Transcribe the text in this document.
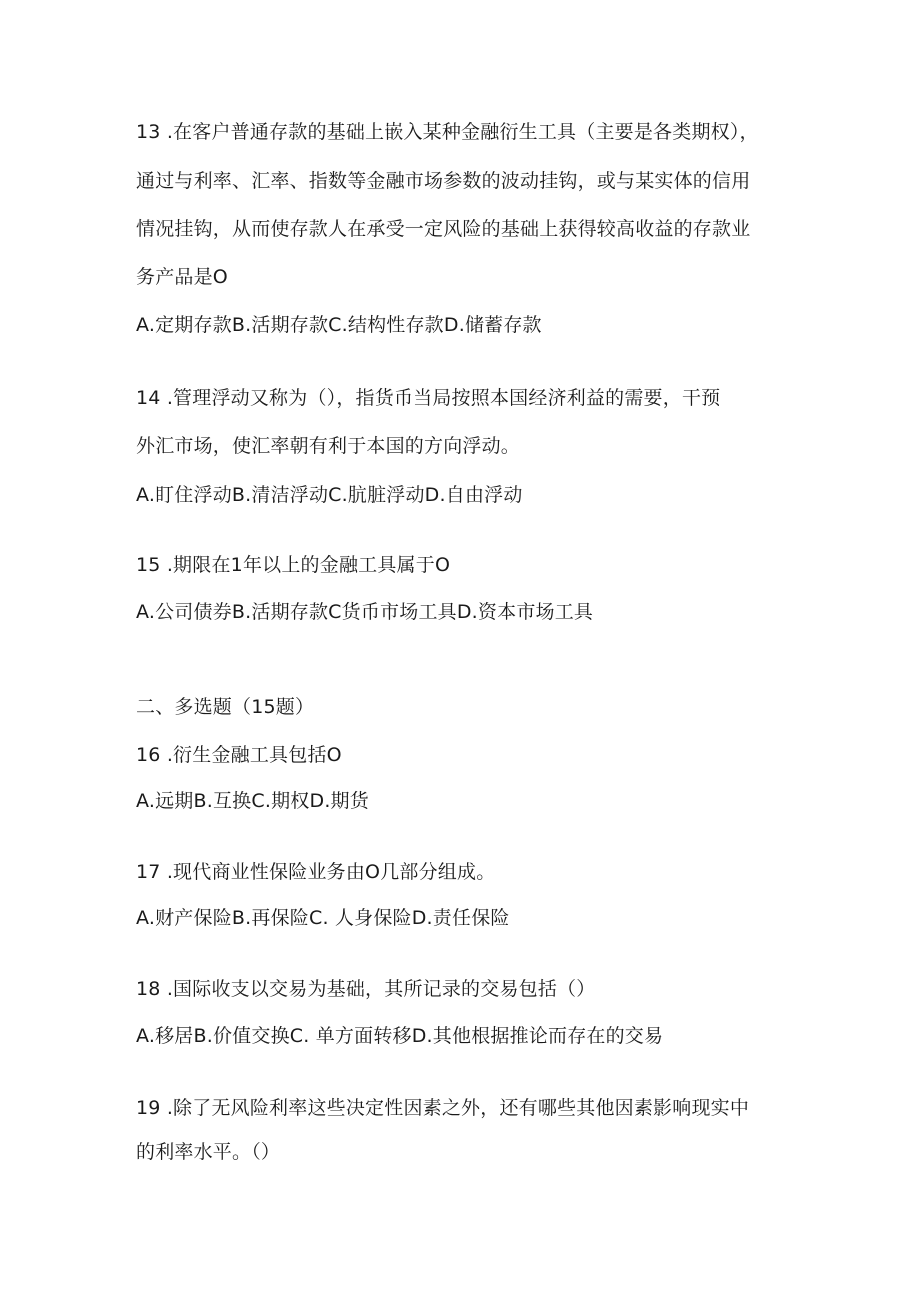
13 .在客户普通存款的基础上嵌入某种金融衍生工具（主要是各类期权），
通过与利率、汇率、指数等金融市场参数的波动挂钩，或与某实体的信用
情况挂钩，从而使存款人在承受一定风险的基础上获得较高收益的存款业
务产品是O
A.定期存款B.活期存款C.结构性存款D.储蓄存款
14 .管理浮动又称为（），指货币当局按照本国经济利益的需要，干预
外汇市场，使汇率朝有利于本国的方向浮动。
A.盯住浮动B.清洁浮动C.肮脏浮动D.自由浮动
15 .期限在1年以上的金融工具属于O
A.公司债券B.活期存款C货币市场工具D.资本市场工具
二、多选题（15题）
16 .衍生金融工具包括O
A.远期B.互换C.期权D.期货
17 .现代商业性保险业务由O几部分组成。
A.财产保险B.再保险C. 人身保险D.责任保险
18 .国际收支以交易为基础，其所记录的交易包括（）
A.移居B.价值交换C. 单方面转移D.其他根据推论而存在的交易
19 .除了无风险利率这些决定性因素之外，还有哪些其他因素影响现实中
的利率水平。（）
